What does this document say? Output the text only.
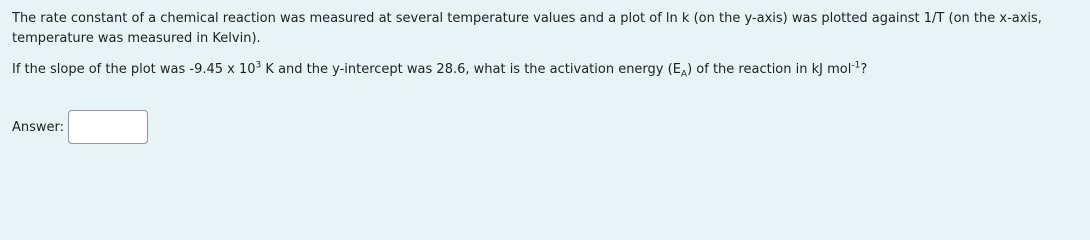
The rate constant of a chemical reaction was measured at several temperature values and a plot of ln k (on the y-axis) was plotted against 1/T (on the x-axis, temperature was measured in Kelvin).

If the slope of the plot was -9.45 x $10^3$ K and the y-intercept was 28.6, what is the activation energy $(E_A)$ of the reaction in kJ mol$^{-1}$?

Answer:
